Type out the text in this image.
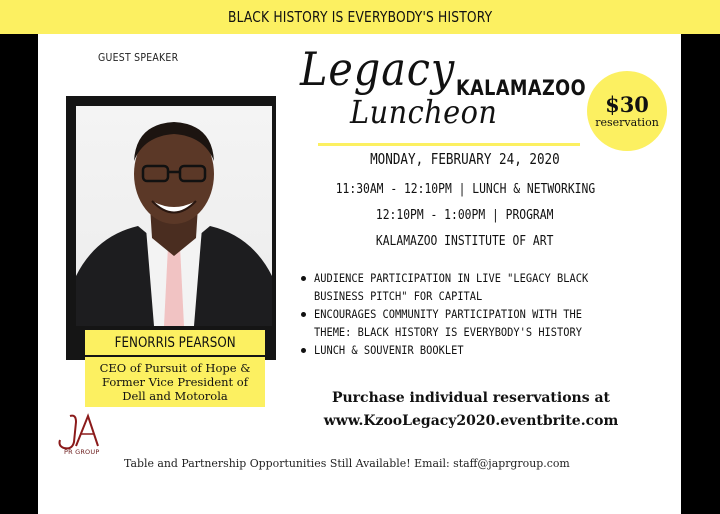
BLACK HISTORY IS EVERYBODY'S HISTORY
GUEST SPEAKER
FENORRIS PEARSON
CEO of Pursuit of Hope &
Former Vice President of
Dell and Motorola
Legacy
Luncheon
KALAMAZOO
$30
reservation
MONDAY, FEBRUARY 24, 2020
11:30AM - 12:10PM | LUNCH & NETWORKING
12:10PM - 1:00PM | PROGRAM
KALAMAZOO INSTITUTE OF ART
AUDIENCE PARTICIPATION IN LIVE "LEGACY BLACK
BUSINESS PITCH" FOR CAPITAL
ENCOURAGES COMMUNITY PARTICIPATION WITH THE
THEME: BLACK HISTORY IS EVERYBODY'S HISTORY
LUNCH & SOUVENIR BOOKLET
Purchase individual reservations at
www.KzooLegacy2020.eventbrite.com
PR GROUP
Table and Partnership Opportunities Still Available! Email: staff@japrgroup.com
